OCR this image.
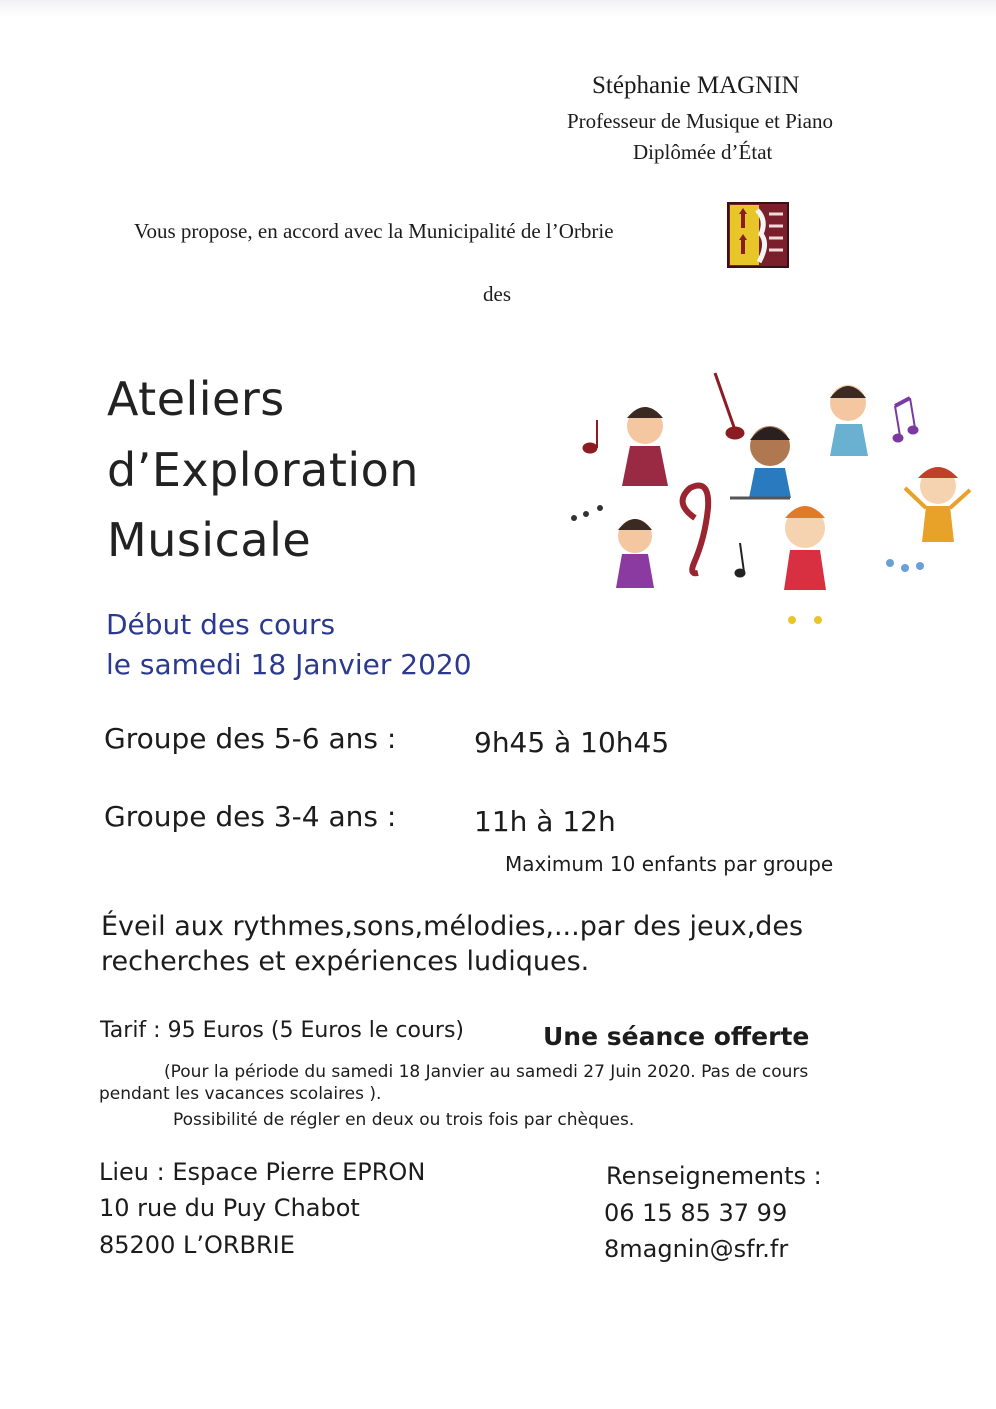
Stéphanie MAGNIN
Professeur de Musique et Piano
Diplômée d’État
Vous propose, en accord avec la Municipalité de l’Orbrie
des
Ateliers
d’Exploration
Musicale
Début des cours
le samedi 18 Janvier 2020
Groupe des 5-6 ans :	9h45 à 10h45
Groupe des 3-4 ans :	11h à 12h
Maximum 10 enfants par groupe
Éveil aux rythmes,sons,mélodies,...par des jeux,des
recherches et expériences ludiques.
Tarif : 95 Euros (5 Euros le cours)	Une séance offerte
(Pour la période du samedi 18 Janvier au samedi 27 Juin 2020. Pas de cours
pendant les vacances scolaires ).
Possibilité de régler en deux ou trois fois par chèques.
Lieu : Espace Pierre EPRON
10 rue du Puy Chabot
85200 L’ORBRIE
Renseignements :
06 15 85 37 99
8magnin@sfr.fr
